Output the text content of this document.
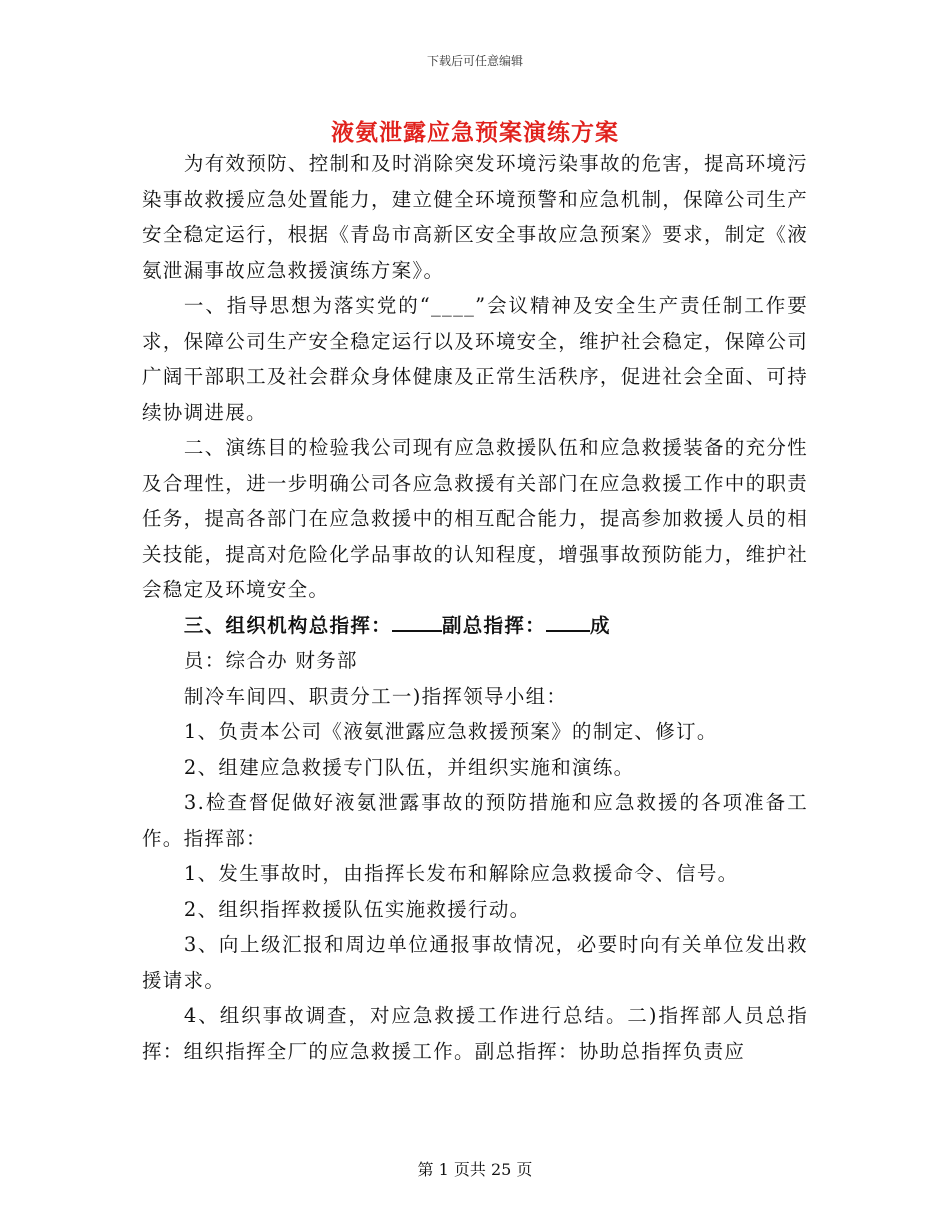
下载后可任意编辑
液氨泄露应急预案演练方案

为有效预防、控制和及时消除突发环境污染事故的危害，提高环境污染事故救援应急处置能力，建立健全环境预警和应急机制，保障公司生产安全稳定运行，根据《青岛市高新区安全事故应急预案》要求，制定《液氨泄漏事故应急救援演练方案》。

一、指导思想为落实党的“____”会议精神及安全生产责任制工作要求，保障公司生产安全稳定运行以及环境安全，维护社会稳定，保障公司广阔干部职工及社会群众身体健康及正常生活秩序，促进社会全面、可持续协调进展。

二、演练目的检验我公司现有应急救援队伍和应急救援装备的充分性及合理性，进一步明确公司各应急救援有关部门在应急救援工作中的职责任务，提高各部门在应急救援中的相互配合能力，提高参加救援人员的相关技能，提高对危险化学品事故的认知程度，增强事故预防能力，维护社会稳定及环境安全。

三、组织机构总指挥：	副总指挥： 成

员：综合办 财务部

制冷车间四、职责分工一)指挥领导小组：

1、负责本公司《液氨泄露应急救援预案》的制定、修订。

2、组建应急救援专门队伍，并组织实施和演练。

3.检查督促做好液氨泄露事故的预防措施和应急救援的各项准备工作。指挥部：

1、发生事故时，由指挥长发布和解除应急救援命令、信号。

2、组织指挥救援队伍实施救援行动。

3、向上级汇报和周边单位通报事故情况，必要时向有关单位发出救援请求。

4、组织事故调查，对应急救援工作进行总结。二)指挥部人员总指挥：组织指挥全厂的应急救援工作。副总指挥：协助总指挥负责应

第 1 页共 25 页
